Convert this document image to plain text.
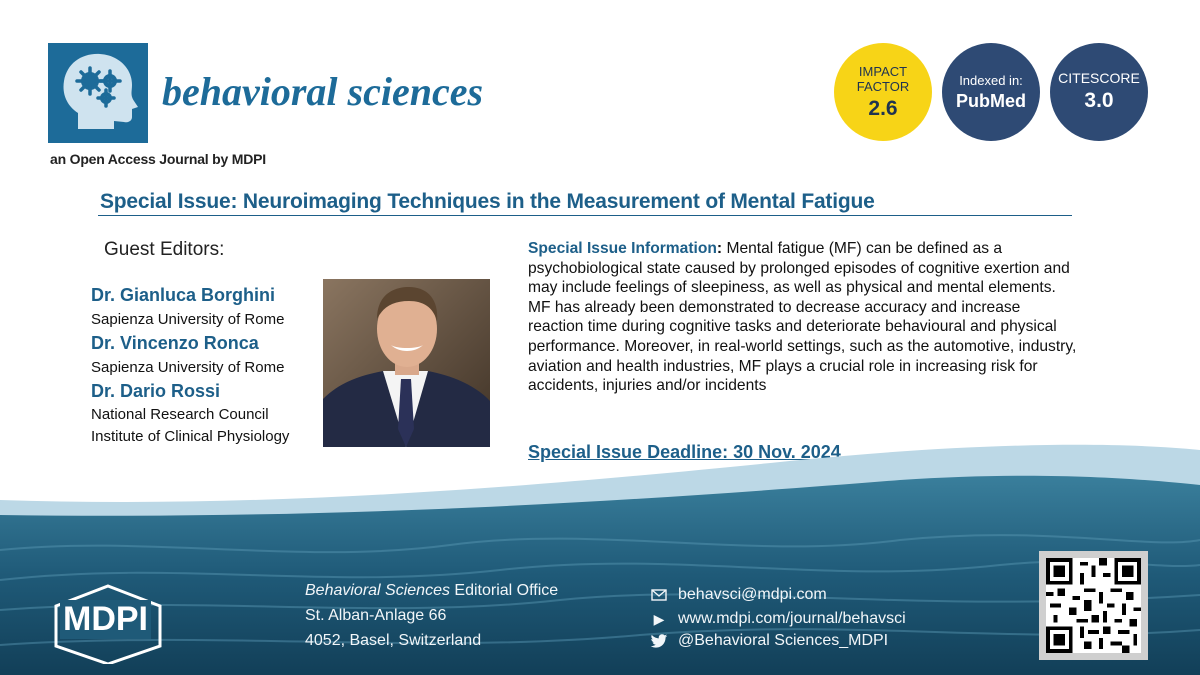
behavioral sciences
an Open Access Journal by MDPI
IMPACT
FACTOR
2.6
Indexed in:
PubMed
CITESCORE
3.0
Special Issue: Neuroimaging Techniques in the Measurement of Mental Fatigue
Guest Editors:
Dr. Gianluca Borghini
Sapienza University of Rome
Dr. Vincenzo Ronca
Sapienza University of Rome
Dr. Dario Rossi
National Research Council
Institute of Clinical Physiology
Special Issue Information: Mental fatigue (MF) can be defined as a psychobiological state caused by prolonged episodes of cognitive exertion and may include feelings of sleepiness, as well as physical and mental elements. MF has already been demonstrated to decrease accuracy and increase reaction time during cognitive tasks and deteriorate behavioural and physical performance. Moreover, in real-world settings, such as the automotive, industry, aviation and health industries, MF plays a crucial role in increasing risk for accidents, injuries and/or incidents
Special Issue Deadline: 30 Nov. 2024
MDPI
Behavioral Sciences Editorial Office
St. Alban-Anlage 66
4052, Basel, Switzerland
behavsci@mdpi.com
▶ www.mdpi.com/journal/behavsci
@Behavioral Sciences_MDPI
